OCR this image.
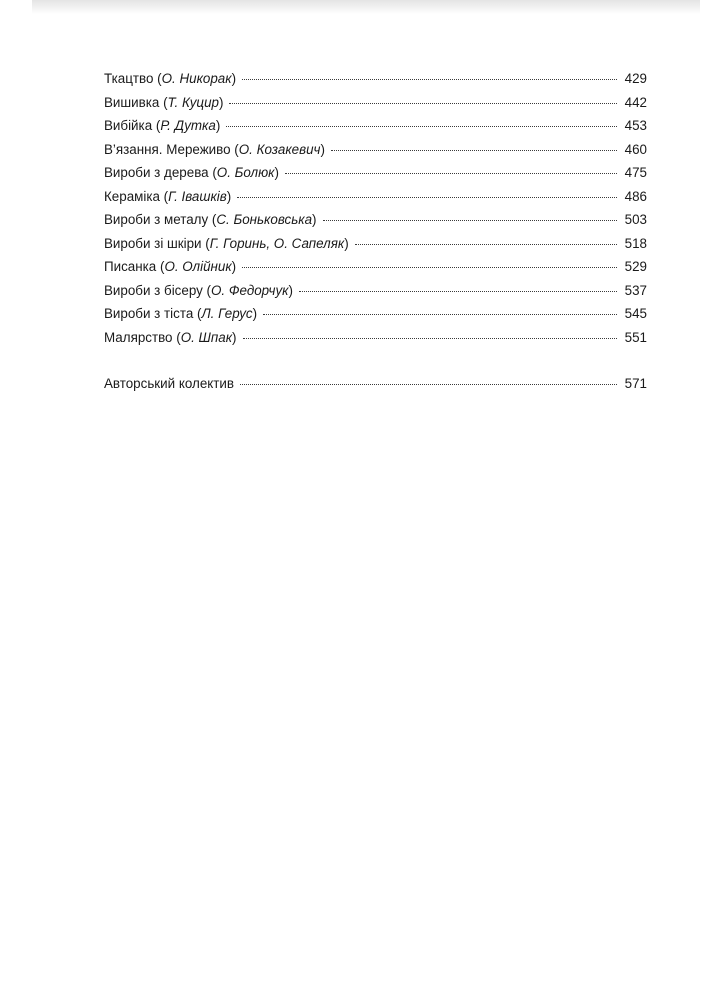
Ткацтво (О. Никорак)	429
Вишивка (Т. Куцир)	442
Вибійка (Р. Дутка)	453
В’язання. Мереживо (О. Козакевич)	460
Вироби з дерева (О. Болюк)	475
Кераміка (Г. Івашків)	486
Вироби з металу (С. Боньковська)	503
Вироби зі шкіри (Г. Горинь, О. Сапеляк)	518
Писанка (О. Олійник)	529
Вироби з бісеру (О. Федорчук)	537
Вироби з тіста (Л. Герус)	545
Малярство (О. Шпак)	551
Авторський колектив	571
